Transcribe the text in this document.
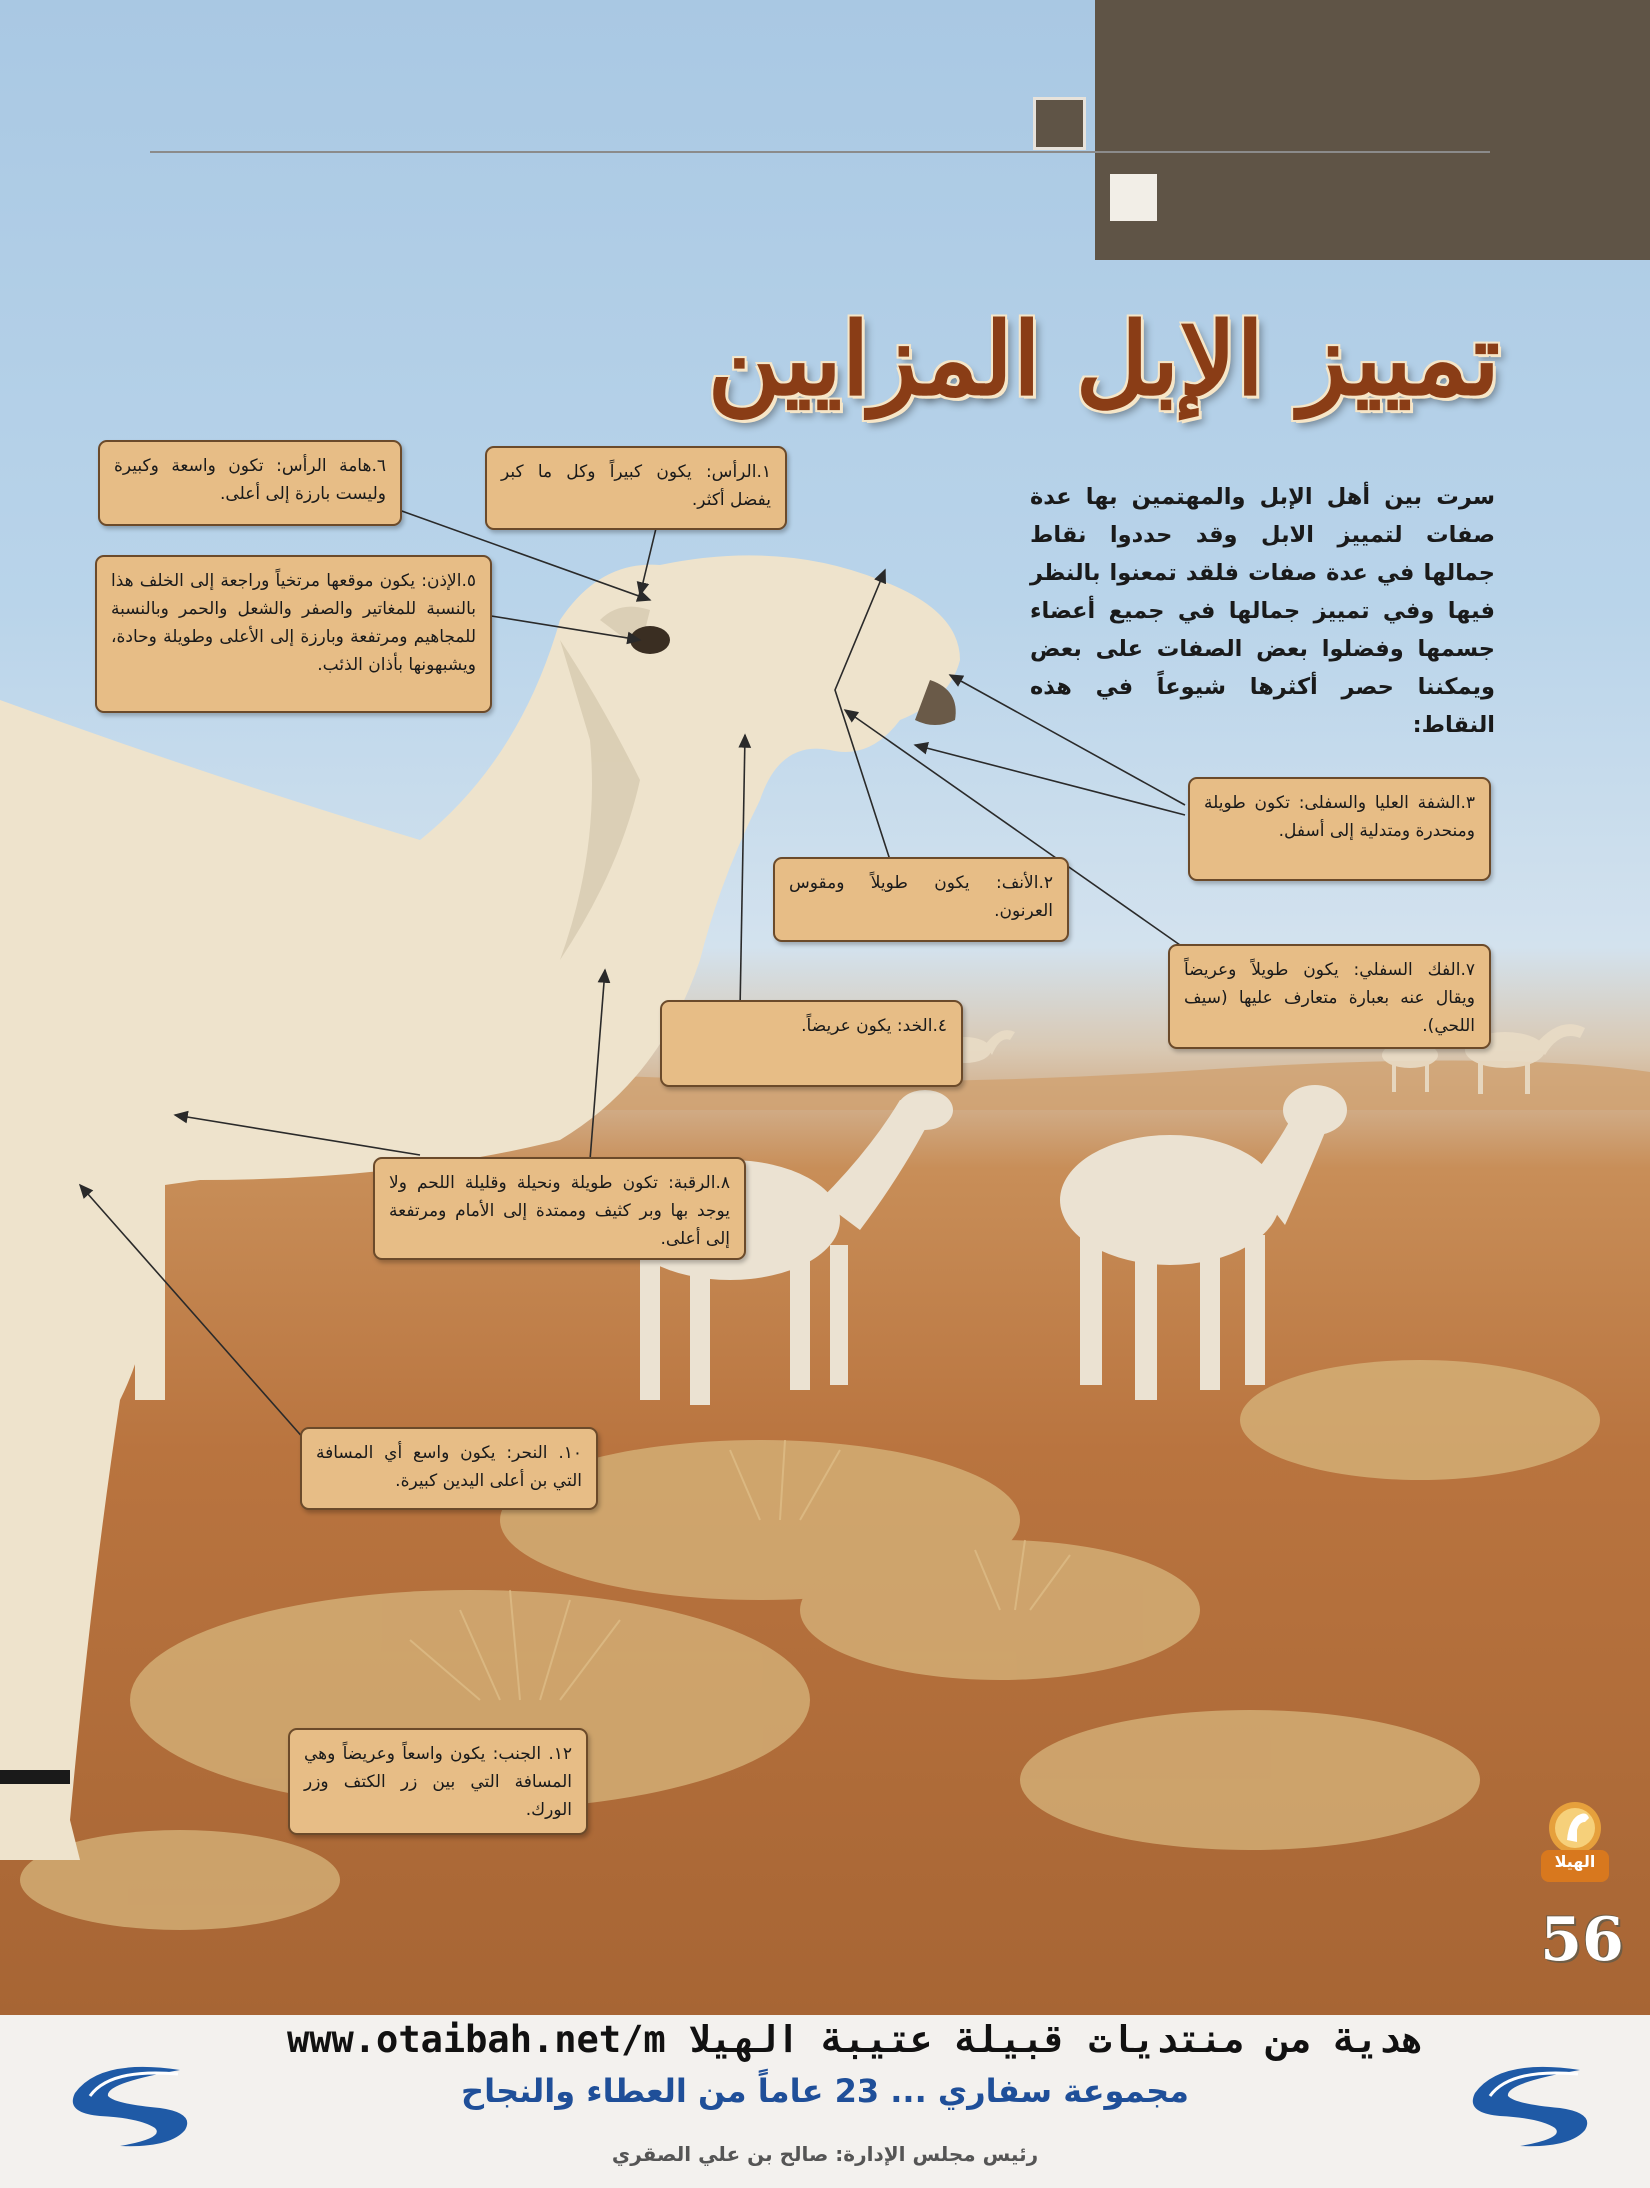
تمييز الإبل المزايين
سرت بين أهل الإبل والمهتمين بها عدة صفات لتمييز الابل وقد حددوا نقاط جمالها في عدة صفات فلقد تمعنوا بالنظر فيها وفي تمييز جمالها في جميع أعضاء جسمها وفضلوا بعض الصفات على بعض ويمكننا حصر أكثرها شيوعاً في هذه النقاط:
١.الرأس: يكون كبيراً وكل ما كبر يفضل أكثر.
٦.هامة الرأس: تكون واسعة وكبيرة وليست بارزة إلى أعلى.
٥.الإذن: يكون موقعها مرتخياً وراجعة إلى الخلف هذا بالنسبة للمغاتير والصفر والشعل والحمر وبالنسبة للمجاهيم ومرتفعة وبارزة إلى الأعلى وطويلة وحادة، ويشبهونها بأذان الذئب.
٣.الشفة العليا والسفلى: تكون طويلة ومنحدرة ومتدلية إلى أسفل.
٢.الأنف: يكون طويلاً ومقوس العرنون.
٧.الفك السفلي: يكون طويلاً وعريضاً ويقال عنه بعبارة متعارف عليها (سيف اللحي).
٤.الخد: يكون عريضاً.
٨.الرقبة: تكون طويلة ونحيلة وقليلة اللحم ولا يوجد بها وبر كثيف وممتدة إلى الأمام ومرتفعة إلى أعلى.
١٠. النحر: يكون واسع أي المسافة التي بن أعلى اليدين كبيرة.
١٢. الجنب: يكون واسعاً وعريضاً وهي المسافة التي بين زر الكتف وزر الورك.
الهيلا
56
www.otaibah.net/m هدية من منتديات قبيلة عتيبة الهيلا
مجموعة سفاري ... 23 عاماً من العطاء والنجاح
رئيس مجلس الإدارة: صالح بن علي الصقري
